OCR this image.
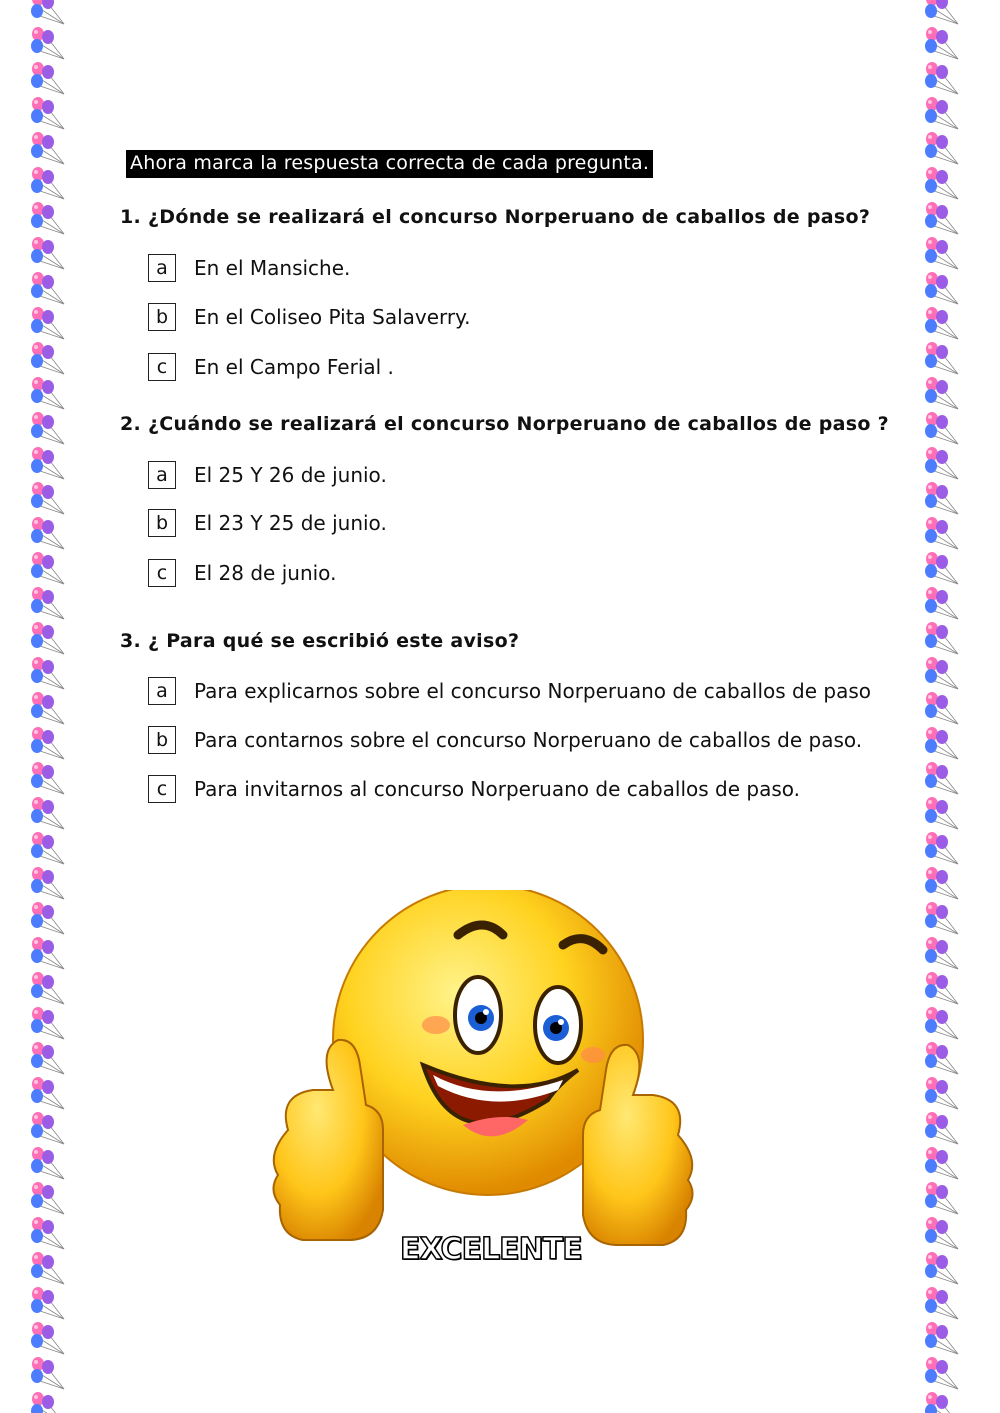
Ahora marca la respuesta correcta de cada pregunta.
1. ¿Dónde se realizará el concurso Norperuano de caballos de paso?
a	En el Mansiche.
b	En el Coliseo Pita Salaverry.
c	En el Campo Ferial .
2. ¿Cuándo se realizará el concurso Norperuano de caballos de paso ?
a	El 25 Y 26 de junio.
b	El 23 Y 25 de junio.
c	El 28 de junio.
3. ¿ Para qué se escribió este aviso?
a	Para explicarnos sobre el concurso Norperuano de caballos de paso
b	Para contarnos sobre el concurso Norperuano de caballos de paso.
c	Para invitarnos al concurso Norperuano de caballos de paso.
EXCELENTE
